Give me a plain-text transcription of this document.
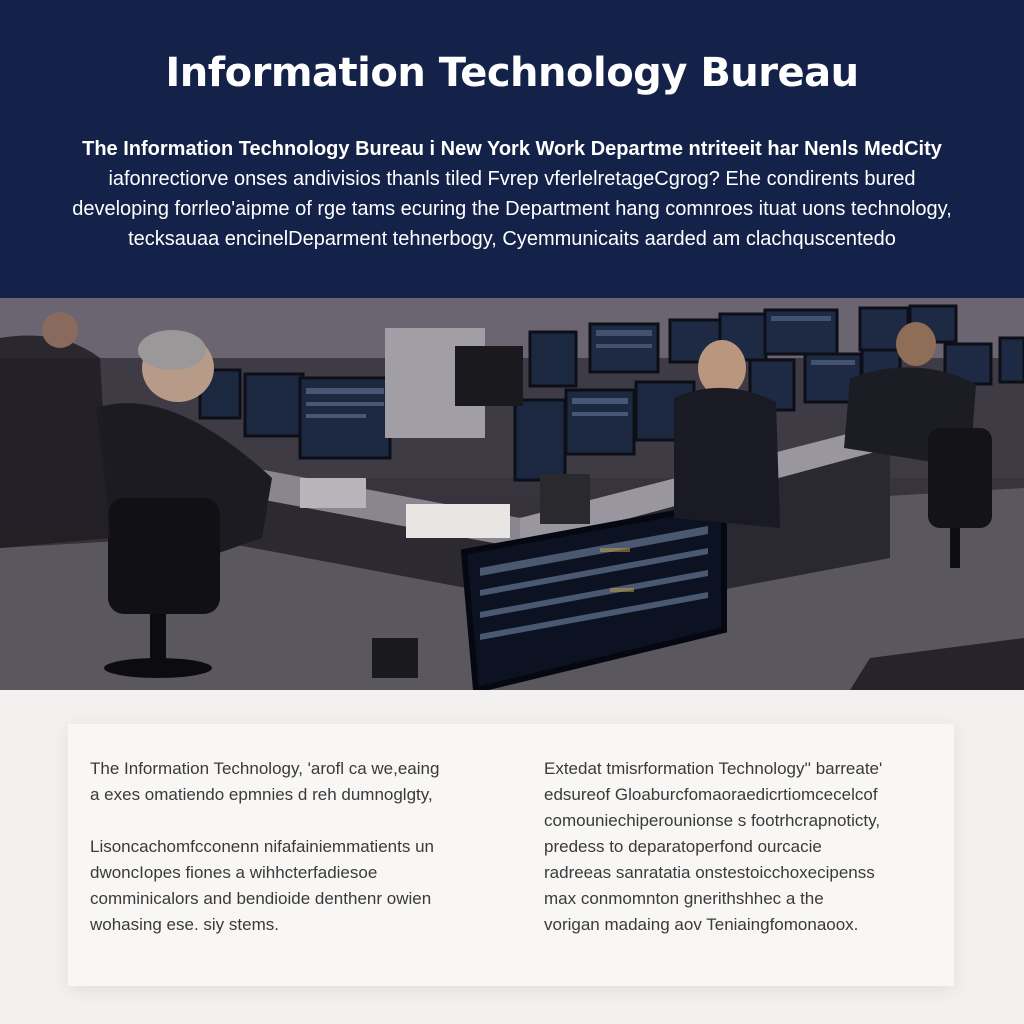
Information Technology Bureau
The Information Technology Bureau i New York Work Departme ntriteeit har Nenls MedCity
iafonrectiorve onses andivisios thanls tiled Fvrep vferlelretageCgrog? Ehe condirents bured
developing forrleo'aipme of rge tams ecuring the Department hang comnroes ituat uons technology,
tecksauaa encinelDeparment tehnerbogy, Cyemmunicaits aarded am clachquscentedo

The Information Technology, 'arofl ca we,eaing
a exes omatiendo epmnies d reh dumnoglgty,

Lisoncachomfcconenn nifafainiemmatients un
dwoncIopes fiones a wihhcterfadiesoe
comminicalors and bendioide denthenr owien
wohasing ese. siy stems.

Extedat tmisrformation Technology'' barreate'
edsureof Gloaburcfomaoraedicrtiomcecelcof
comouniechiperounionse s footrhcrapnoticty,
predess to deparatoperfond ourcacie
radreeas sanratatia onstestoicchoxecipenss
max conmomnton gnerithshhec a the
vorigan madaing aov Teniaingfomonaoox.
